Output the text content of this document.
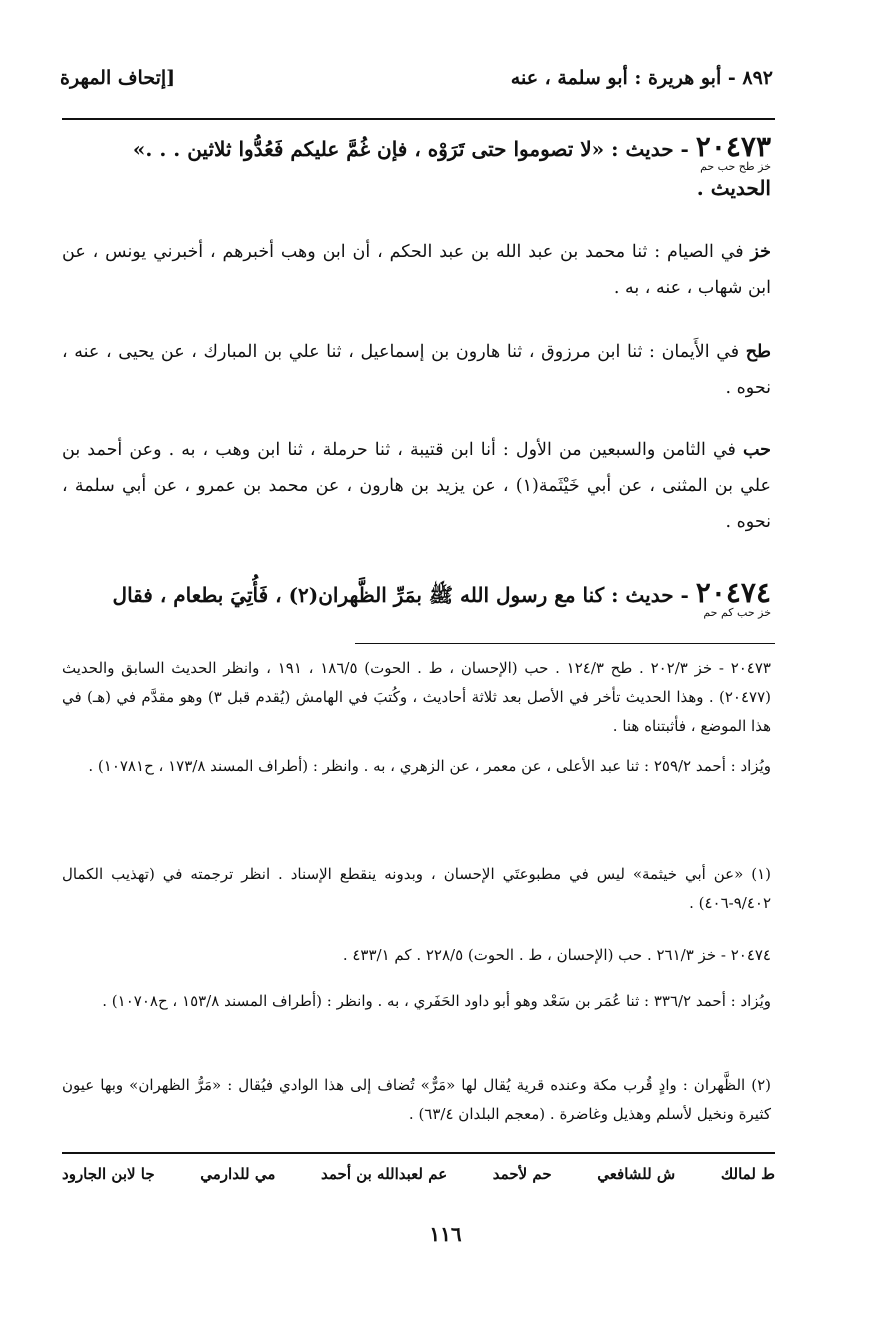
٨٩٢ - أبو هريرة : أبو سلمة ، عنه
[إتحاف المهرة
٢٠٤٧٣ - حديث : «لا تصوموا حتى تَرَوْه ، فإن غُمَّ عليكم فَعُدُّوا ثلاثين . . .»
خز طح حب حم
الحديث .
خز في الصيام : ثنا محمد بن عبد الله بن عبد الحكم ، أن ابن وهب أخبرهم ، أخبرني يونس ، عن ابن شهاب ، عنه ، به .
طح في الأَيمان : ثنا ابن مرزوق ، ثنا هارون بن إسماعيل ، ثنا علي بن المبارك ، عن يحيى ، عنه ، نحوه .
حب في الثامن والسبعين من الأول : أنا ابن قتيبة ، ثنا حرملة ، ثنا ابن وهب ، به . وعن أحمد بن علي بن المثنى ، عن أبي خَيْثَمة(١) ، عن يزيد بن هارون ، عن محمد بن عمرو ، عن أبي سلمة ، نحوه .
٢٠٤٧٤ - حديث : كنا مع رسول الله ﷺ بمَرِّ الظَّهران(٢) ، فَأُتِيَ بطعام ، فقال
خز حب كم حم
٢٠٤٧٣ - خز ٢٠٢/٣ . طح ١٢٤/٣ . حب (الإحسان ، ط . الحوت) ١٨٦/٥ ، ١٩١ ، وانظر الحديث السابق والحديث (٢٠٤٧٧) . وهذا الحديث تأخر في الأصل بعد ثلاثة أحاديث ، وكُتبَ في الهامش (يُقدم قبل ٣) وهو مقدَّم في (هـ) في هذا الموضع ، فأثبتناه هنا .
ويُزاد : أحمد ٢٥٩/٢ : ثنا عبد الأعلى ، عن معمر ، عن الزهري ، به . وانظر : (أطراف المسند ١٧٣/٨ ، ح١٠٧٨١) .
(١) «عن أبي خيثمة» ليس في مطبوعتَي الإحسان ، وبدونه ينقطع الإسناد . انظر ترجمته في (تهذيب الكمال ٩/٤٠٢-٤٠٦) .
٢٠٤٧٤ - خز ٢٦١/٣ . حب (الإحسان ، ط . الحوت) ٢٢٨/٥ . كم ٤٣٣/١ .
ويُزاد : أحمد ٣٣٦/٢ : ثنا عُمَر بن سَعْد وهو أبو داود الحَفَري ، به . وانظر : (أطراف المسند ١٥٣/٨ ، ح١٠٧٠٨) .
(٢) الظَّهران : وادٍ قُرب مكة وعنده قرية يُقال لها «مَرٌّ» تُضاف إلى هذا الوادي فيُقال : «مَرُّ الظهران» وبها عيون كثيرة ونخيل لأسلم وهذيل وغاضرة . (معجم البلدان ٦٣/٤) .
ط لمالك
ش للشافعي
حم لأحمد
عم لعبدالله بن أحمد
مي للدارمي
جا لابن الجارود
١١٦
